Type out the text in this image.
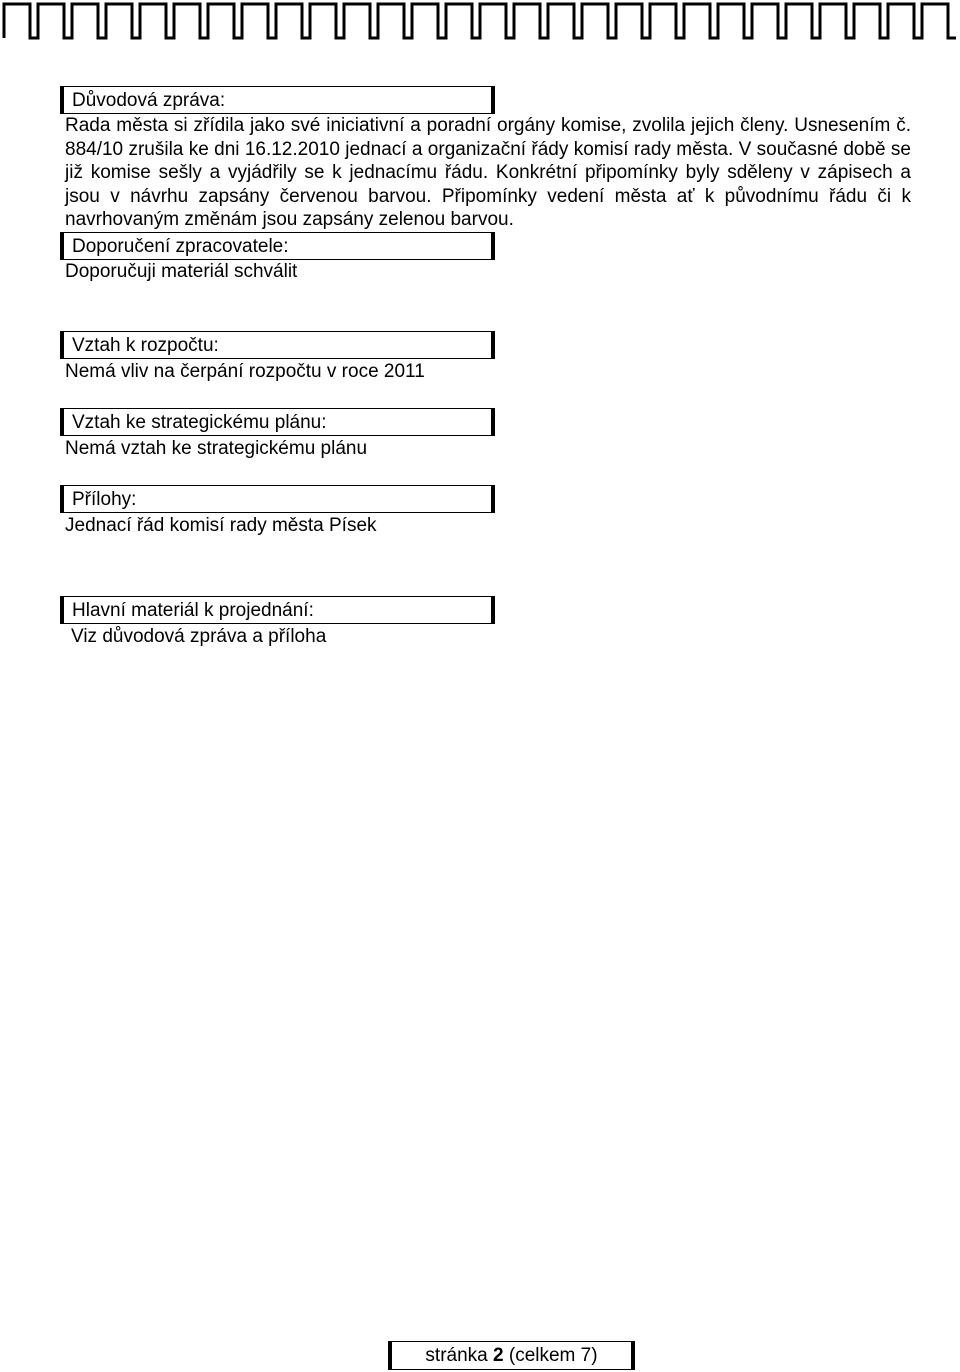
Důvodová zpráva:
Rada města si zřídila jako své iniciativní a poradní orgány komise, zvolila jejich členy. Usnesením č. 884/10 zrušila ke dni 16.12.2010 jednací a organizační řády komisí rady města. V současné době se již komise sešly a vyjádřily se k jednacímu řádu. Konkrétní připomínky byly sděleny v zápisech a jsou v návrhu zapsány červenou barvou. Připomínky vedení města ať k původnímu řádu či k navrhovaným změnám jsou zapsány zelenou barvou.
Doporučení zpracovatele:
Doporučuji materiál schválit
Vztah k rozpočtu:
Nemá vliv na čerpání rozpočtu v roce 2011
Vztah ke strategickému plánu:
Nemá vztah ke strategickému plánu
Přílohy:
Jednací řád komisí rady města Písek
Hlavní materiál k projednání:
Viz důvodová zpráva a příloha
stránka 2 (celkem 7)
